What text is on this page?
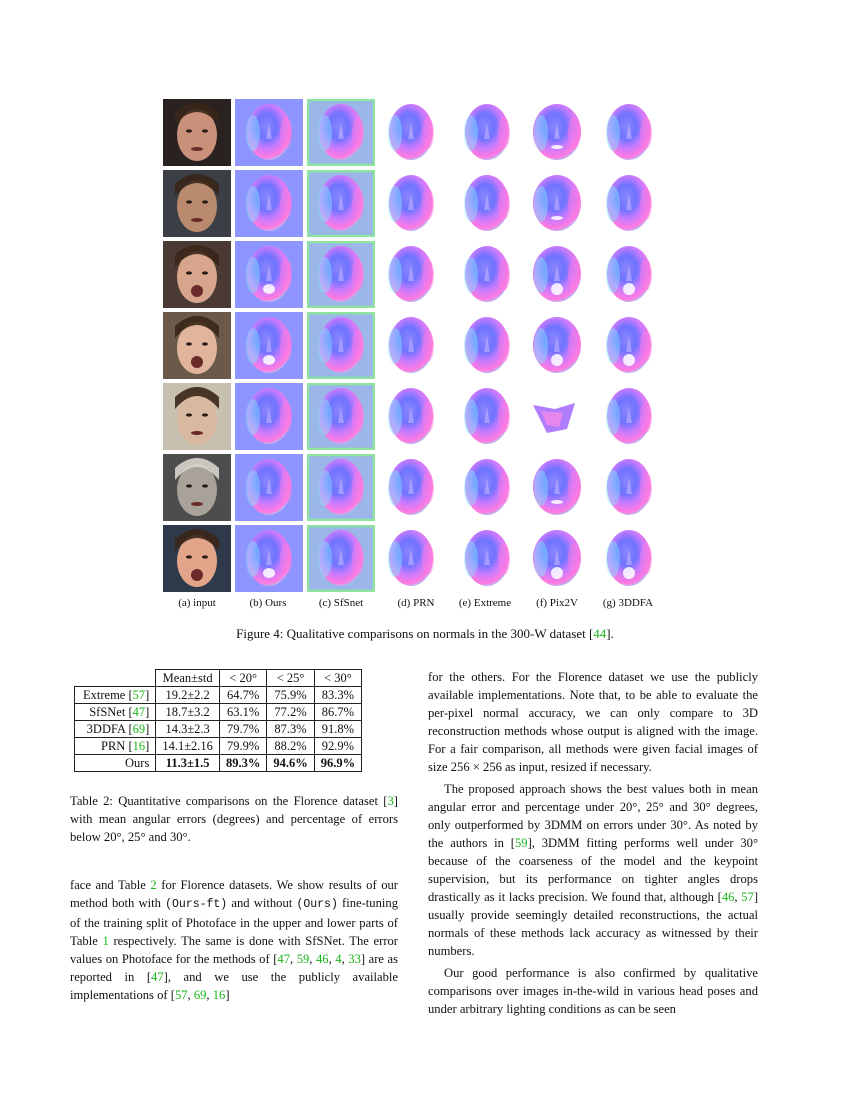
(a) input	(b) Ours	(c) SfSnet	(d) PRN (e) Extreme (f) Pix2V (g) 3DDFA
Figure 4: Qualitative comparisons on normals in the 300-W dataset [44].
	Mean±std	< 20°	< 25°	< 30°
Extreme [57]	19.2±2.2	64.7%	75.9%	83.3%
SfSNet [47]	18.7±3.2	63.1%	77.2%	86.7%
3DDFA [69]	14.3±2.3	79.7%	87.3%	91.8%
PRN [16]	14.1±2.16	79.9%	88.2%	92.9%
Ours	11.3±1.5	89.3%	94.6%	96.9%
Table 2: Quantitative comparisons on the Florence dataset [3] with mean angular errors (degrees) and percentage of errors below 20°, 25° and 30°.

face and Table 2 for Florence datasets. We show results of our method both with (Ours-ft) and without (Ours) fine-tuning of the training split of Photoface in the upper and lower parts of Table 1 respectively. The same is done with SfSNet. The error values on Photoface for the methods of [47, 59, 46, 4, 33] are as reported in [47], and we use the publicly available implementations of [57, 69, 16]

for the others. For the Florence dataset we use the publicly available implementations. Note that, to be able to evaluate the per-pixel normal accuracy, we can only compare to 3D reconstruction methods whose output is aligned with the image. For a fair comparison, all methods were given facial images of size 256 × 256 as input, resized if necessary.

The proposed approach shows the best values both in mean angular error and percentage under 20°, 25° and 30° degrees, only outperformed by 3DMM on errors under 30°. As noted by the authors in [59], 3DMM fitting performs well under 30° because of the coarseness of the model and the keypoint supervision, but its performance on tighter angles drops drastically as it lacks precision. We found that, although [46, 57] usually provide seemingly detailed reconstructions, the actual normals of these methods lack accuracy as witnessed by their numbers.

Our good performance is also confirmed by qualitative comparisons over images in-the-wild in various head poses and under arbitrary lighting conditions as can be seen
